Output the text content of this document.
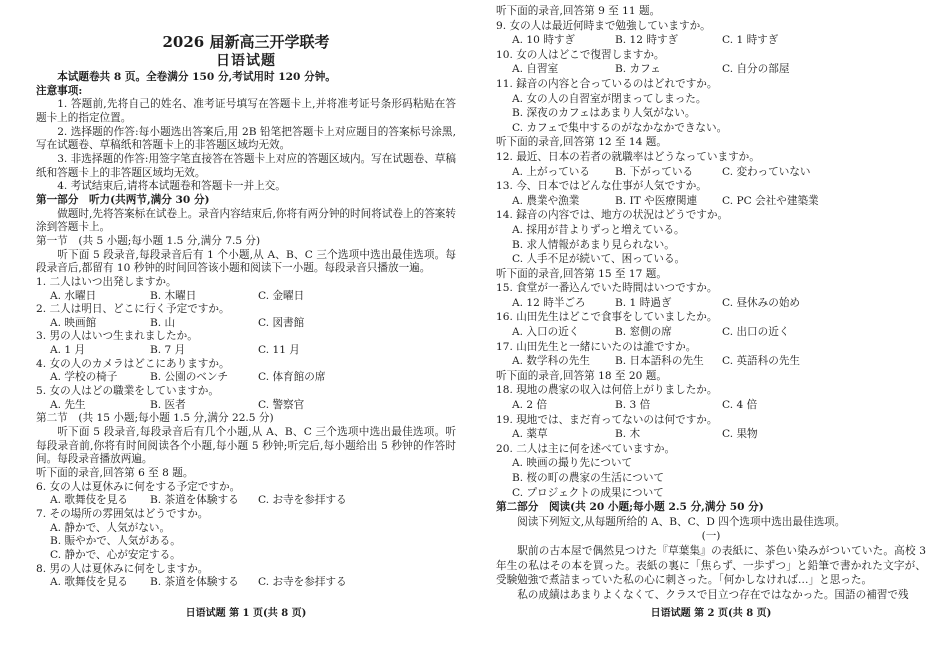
2026 届新高三开学联考
日语试题
本试题卷共 8 页。全卷满分 150 分,考试用时 120 分钟。
注意事项:
1. 答题前,先将自己的姓名、准考证号填写在答题卡上,并将准考证号条形码粘贴在答题卡上的指定位置。
2. 选择题的作答:每小题选出答案后,用 2B 铅笔把答题卡上对应题目的答案标号涂黑,写在试题卷、草稿纸和答题卡上的非答题区域均无效。
3. 非选择题的作答:用签字笔直接答在答题卡上对应的答题区域内。写在试题卷、草稿纸和答题卡上的非答题区域均无效。
4. 考试结束后,请将本试题卷和答题卡一并上交。
第一部分　听力(共两节,满分 30 分)
做题时,先将答案标在试卷上。录音内容结束后,你将有两分钟的时间将试卷上的答案转涂到答题卡上。
第一节　(共 5 小题;每小题 1.5 分,满分 7.5 分)
听下面 5 段录音,每段录音后有 1 个小题,从 A、B、C 三个选项中选出最佳选项。每段录音后,都留有 10 秒钟的时间回答该小题和阅读下一小题。每段录音只播放一遍。
1. 二人はいつ出発しますか。
A. 水曜日	B. 木曜日	C. 金曜日
2. 二人は明日、どこに行く予定ですか。
A. 映画館	B. 山	C. 図書館
3. 男の人はいつ生まれましたか。
A. 1 月	B. 7 月	C. 11 月
4. 女の人のカメラはどこにありますか。
A. 学校の椅子	B. 公園のベンチ	C. 体育館の席
5. 女の人はどの職業をしていますか。
A. 先生	B. 医者	C. 警察官
第二节　(共 15 小题;每小题 1.5 分,满分 22.5 分)
听下面 5 段录音,每段录音后有几个小题,从 A、B、C 三个选项中选出最佳选项。听每段录音前,你将有时间阅读各个小题,每小题 5 秒钟;听完后,每小题给出 5 秒钟的作答时间。每段录音播放两遍。
听下面的录音,回答第 6 至 8 题。
6. 女の人は夏休みに何をする予定ですか。
A. 歌舞伎を見る	B. 茶道を体験する	C. お寺を参拝する
7. その場所の雰囲気はどうですか。
A. 静かで、人気がない。
B. 賑やかで、人気がある。
C. 静かで、心が安定する。
8. 男の人は夏休みに何をしますか。
A. 歌舞伎を見る	B. 茶道を体験する	C. お寺を参拝する
日语试题 第 1 页(共 8 页)
听下面的录音,回答第 9 至 11 题。
9. 女の人は最近何時まで勉強していますか。
A. 10 時すぎ	B. 12 時すぎ	C. 1 時すぎ
10. 女の人はどこで復習しますか。
A. 自習室	B. カフェ	C. 自分の部屋
11. 録音の内容と合っているのはどれですか。
A. 女の人の自習室が閉まってしまった。
B. 深夜のカフェはあまり人気がない。
C. カフェで集中するのがなかなかできない。
听下面的录音,回答第 12 至 14 题。
12. 最近、日本の若者の就職率はどうなっていますか。
A. 上がっている	B. 下がっている	C. 変わっていない
13. 今、日本ではどんな仕事が人気ですか。
A. 農業や漁業	B. IT や医療関連	C. PC 会社や建築業
14. 録音の内容では、地方の状況はどうですか。
A. 採用が昔よりずっと増えている。
B. 求人情報があまり見られない。
C. 人手不足が続いて、困っている。
听下面的录音,回答第 15 至 17 题。
15. 食堂が一番込んでいた時間はいつですか。
A. 12 時半ごろ	B. 1 時過ぎ	C. 昼休みの始め
16. 山田先生はどこで食事をしていましたか。
A. 入口の近く	B. 窓側の席	C. 出口の近く
17. 山田先生と一緒にいたのは誰ですか。
A. 数学科の先生	B. 日本語科の先生	C. 英語科の先生
听下面的录音,回答第 18 至 20 题。
18. 現地の農家の収入は何倍上がりましたか。
A. 2 倍	B. 3 倍	C. 4 倍
19. 現地では、まだ育ってないのは何ですか。
A. 薬草	B. 木	C. 果物
20. 二人は主に何を述べていますか。
A. 映画の撮り先について
B. 桜の町の農家の生活について
C. プロジェクトの成果について
第二部分　阅读(共 20 小题;每小题 2.5 分,满分 50 分)
阅读下列短文,从每题所给的 A、B、C、D 四个选项中选出最佳选项。
(一)
駅前の古本屋で偶然見つけた『草葉集』の表紙に、茶色い染みがついていた。高校 3 年生の私はその本を買った。表紙の裏に「焦らず、一歩ずつ」と鉛筆で書かれた文字が、受験勉強で煮詰まっていた私の心に刺さった。「何かしなければ…」と思った。
私の成績はあまりよくなくて、クラスで目立つ存在ではなかった。国語の補習で残
日语试题 第 2 页(共 8 页)
